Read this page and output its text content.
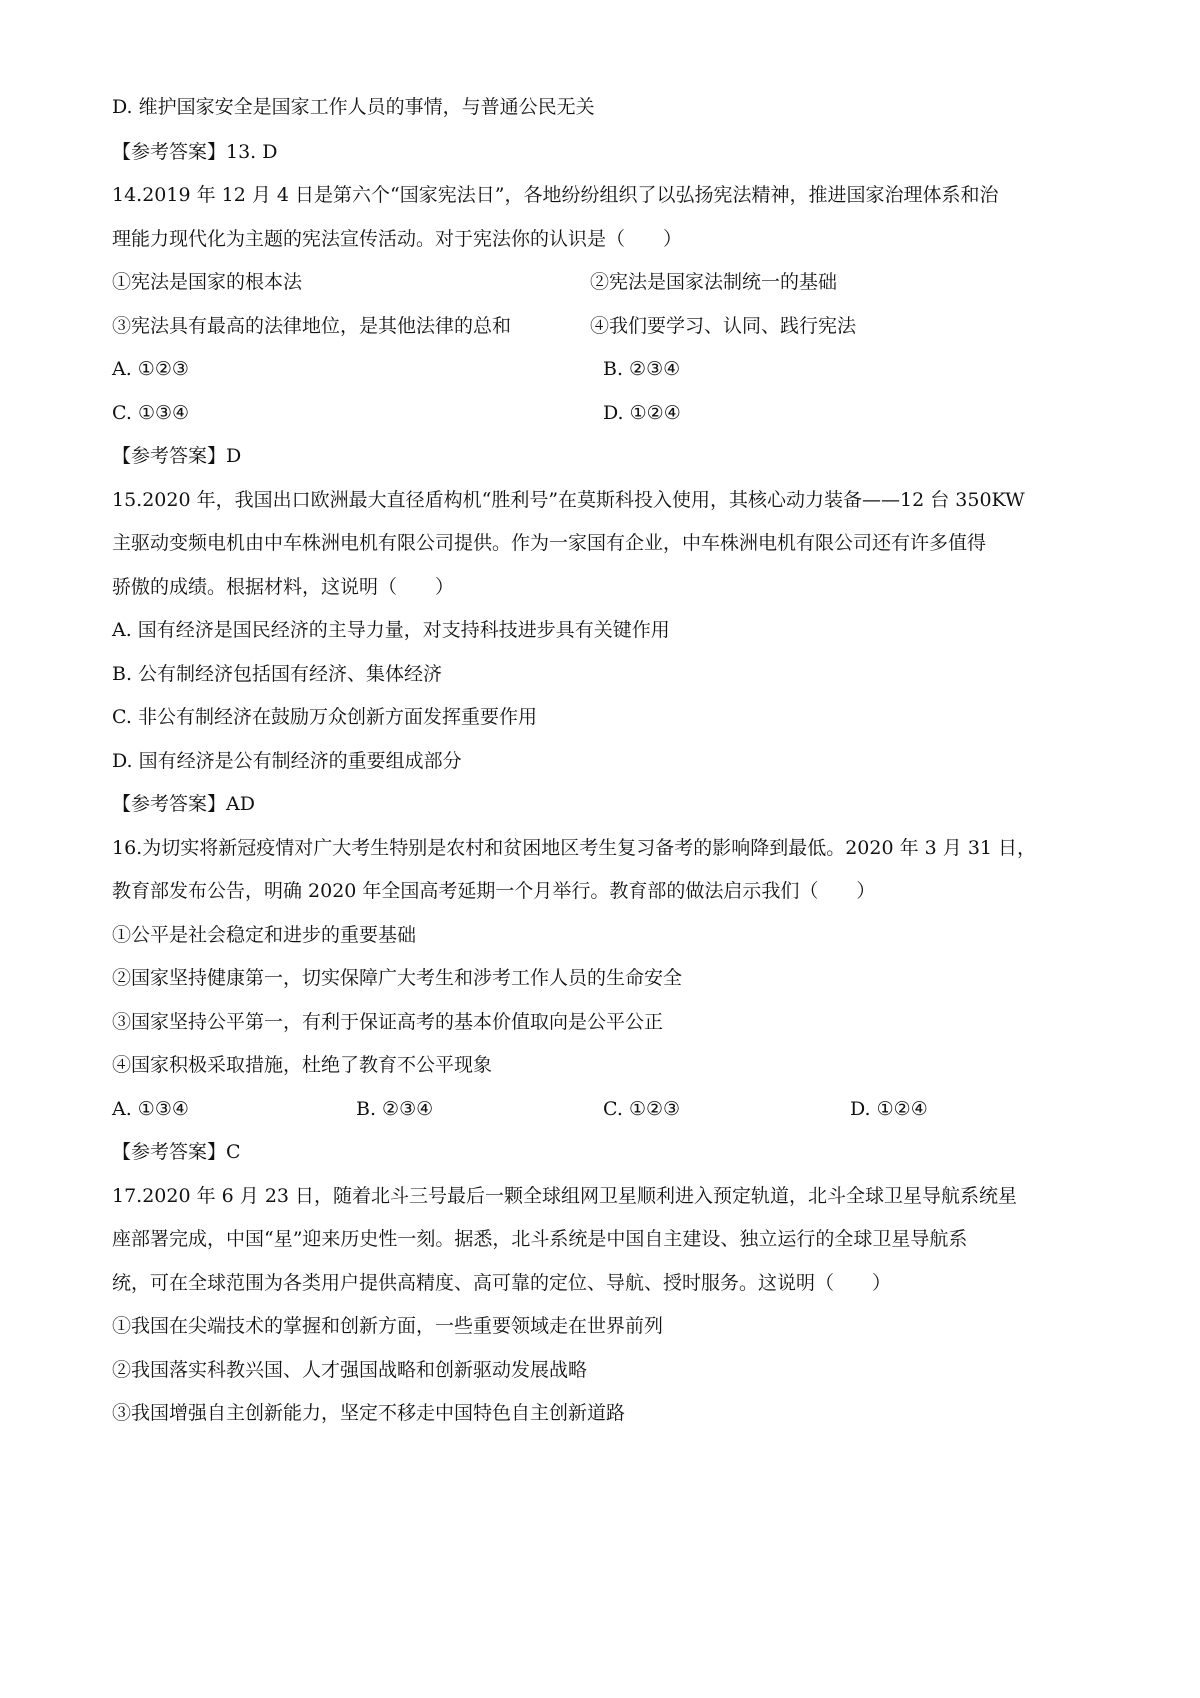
D. 维护国家安全是国家工作人员的事情，与普通公民无关
【参考答案】13. D
14.2019 年 12 月 4 日是第六个“国家宪法日”，各地纷纷组织了以弘扬宪法精神，推进国家治理体系和治
理能力现代化为主题的宪法宣传活动。对于宪法你的认识是（　　）
①宪法是国家的根本法	②宪法是国家法制统一的基础
③宪法具有最高的法律地位，是其他法律的总和	④我们要学习、认同、践行宪法
A. ①②③	B. ②③④
C. ①③④	D. ①②④
【参考答案】D
15.2020 年，我国出口欧洲最大直径盾构机“胜利号”在莫斯科投入使用，其核心动力装备——12 台 350KW
主驱动变频电机由中车株洲电机有限公司提供。作为一家国有企业，中车株洲电机有限公司还有许多值得
骄傲的成绩。根据材料，这说明（　　）
A. 国有经济是国民经济的主导力量，对支持科技进步具有关键作用
B. 公有制经济包括国有经济、集体经济
C. 非公有制经济在鼓励万众创新方面发挥重要作用
D. 国有经济是公有制经济的重要组成部分
【参考答案】AD
16.为切实将新冠疫情对广大考生特别是农村和贫困地区考生复习备考的影响降到最低。2020 年 3 月 31 日，
教育部发布公告，明确 2020 年全国高考延期一个月举行。教育部的做法启示我们（　　）
①公平是社会稳定和进步的重要基础
②国家坚持健康第一，切实保障广大考生和涉考工作人员的生命安全
③国家坚持公平第一，有利于保证高考的基本价值取向是公平公正
④国家积极采取措施，杜绝了教育不公平现象
A. ①③④	B. ②③④	C. ①②③	D. ①②④
【参考答案】C
17.2020 年 6 月 23 日，随着北斗三号最后一颗全球组网卫星顺利进入预定轨道，北斗全球卫星导航系统星
座部署完成，中国“星”迎来历史性一刻。据悉，北斗系统是中国自主建设、独立运行的全球卫星导航系
统，可在全球范围为各类用户提供高精度、高可靠的定位、导航、授时服务。这说明（　　）
①我国在尖端技术的掌握和创新方面，一些重要领域走在世界前列
②我国落实科教兴国、人才强国战略和创新驱动发展战略
③我国增强自主创新能力，坚定不移走中国特色自主创新道路
